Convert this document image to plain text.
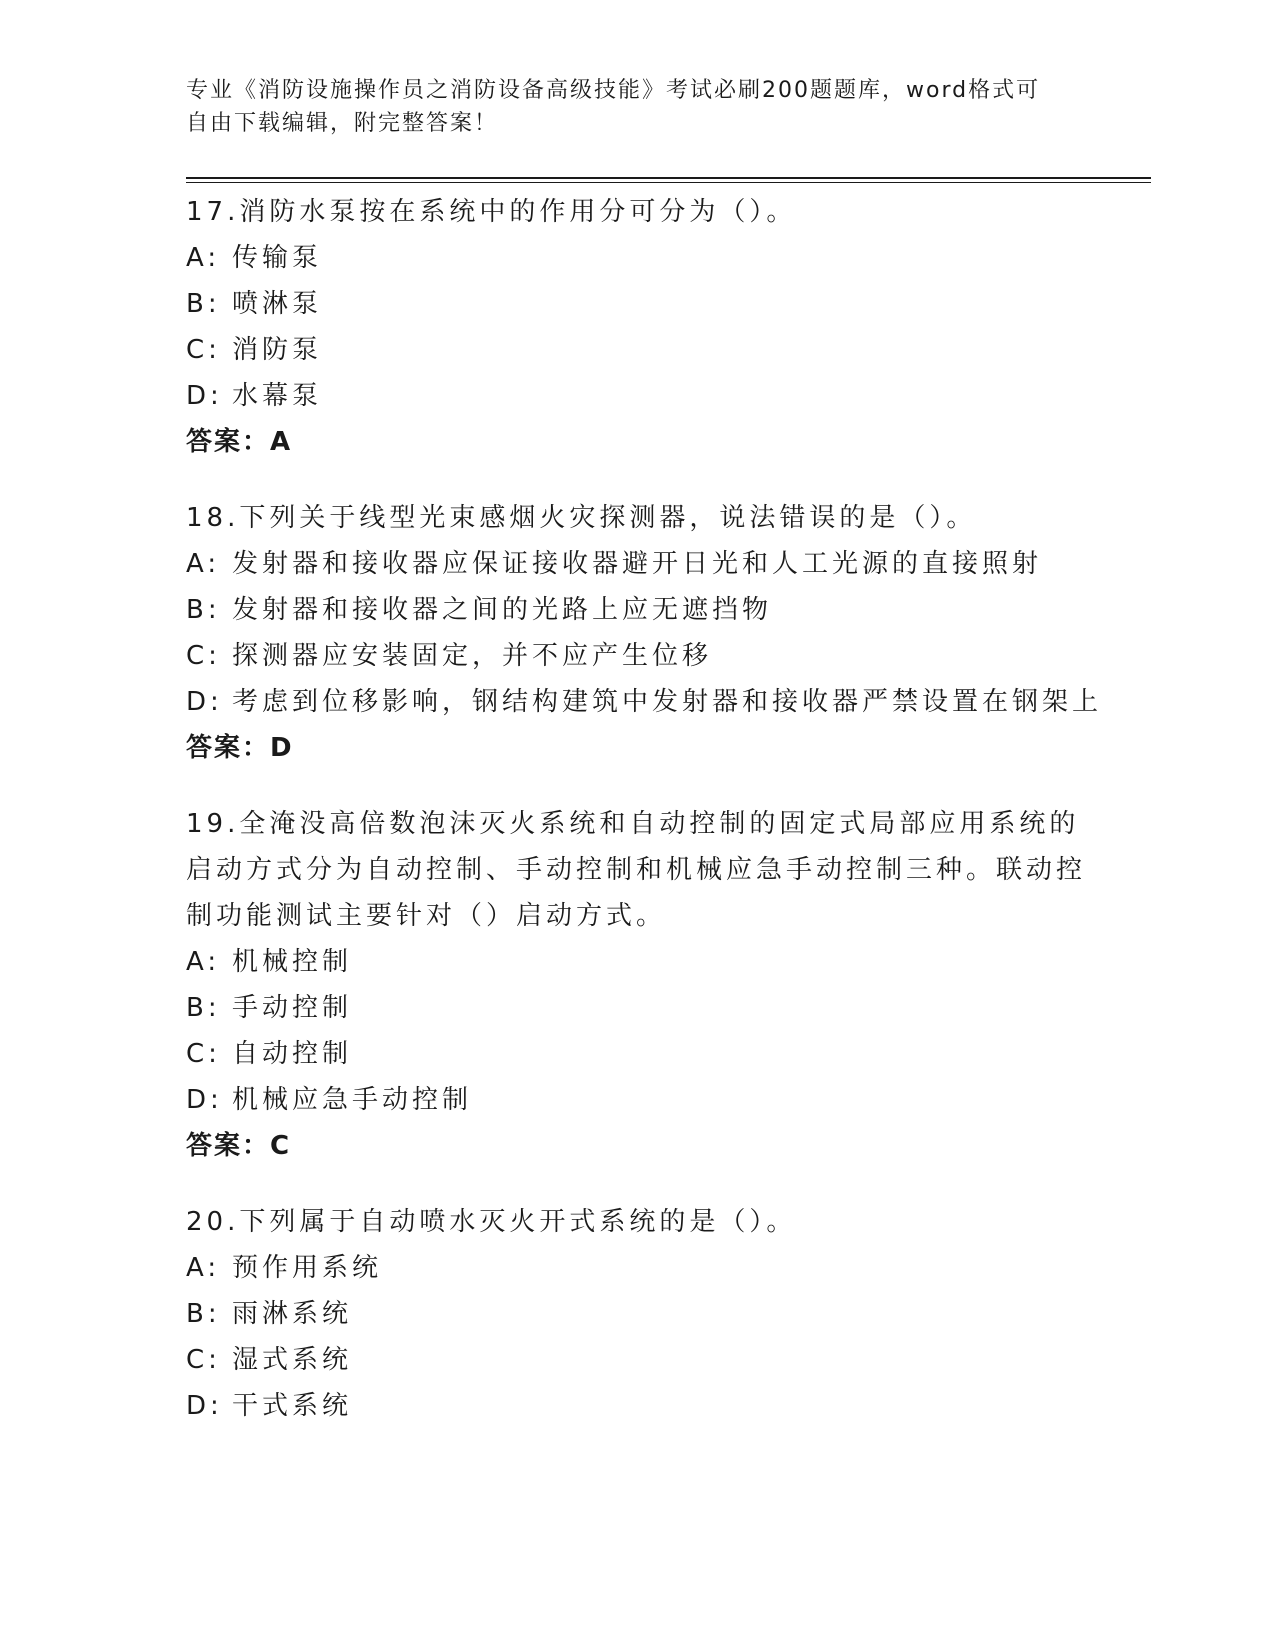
专业《消防设施操作员之消防设备高级技能》考试必刷200题题库，word格式可
自由下载编辑，附完整答案！
17.消防水泵按在系统中的作用分可分为（）。
A: 传输泵
B: 喷淋泵
C: 消防泵
D: 水幕泵
答案：A
18.下列关于线型光束感烟火灾探测器，说法错误的是（）。
A: 发射器和接收器应保证接收器避开日光和人工光源的直接照射
B: 发射器和接收器之间的光路上应无遮挡物
C: 探测器应安装固定，并不应产生位移
D: 考虑到位移影响，钢结构建筑中发射器和接收器严禁设置在钢架上
答案：D
19.全淹没高倍数泡沫灭火系统和自动控制的固定式局部应用系统的启动方式分为自动控制、手动控制和机械应急手动控制三种。联动控制功能测试主要针对（）启动方式。
A: 机械控制
B: 手动控制
C: 自动控制
D: 机械应急手动控制
答案：C
20.下列属于自动喷水灭火开式系统的是（）。
A: 预作用系统
B: 雨淋系统
C: 湿式系统
D: 干式系统
